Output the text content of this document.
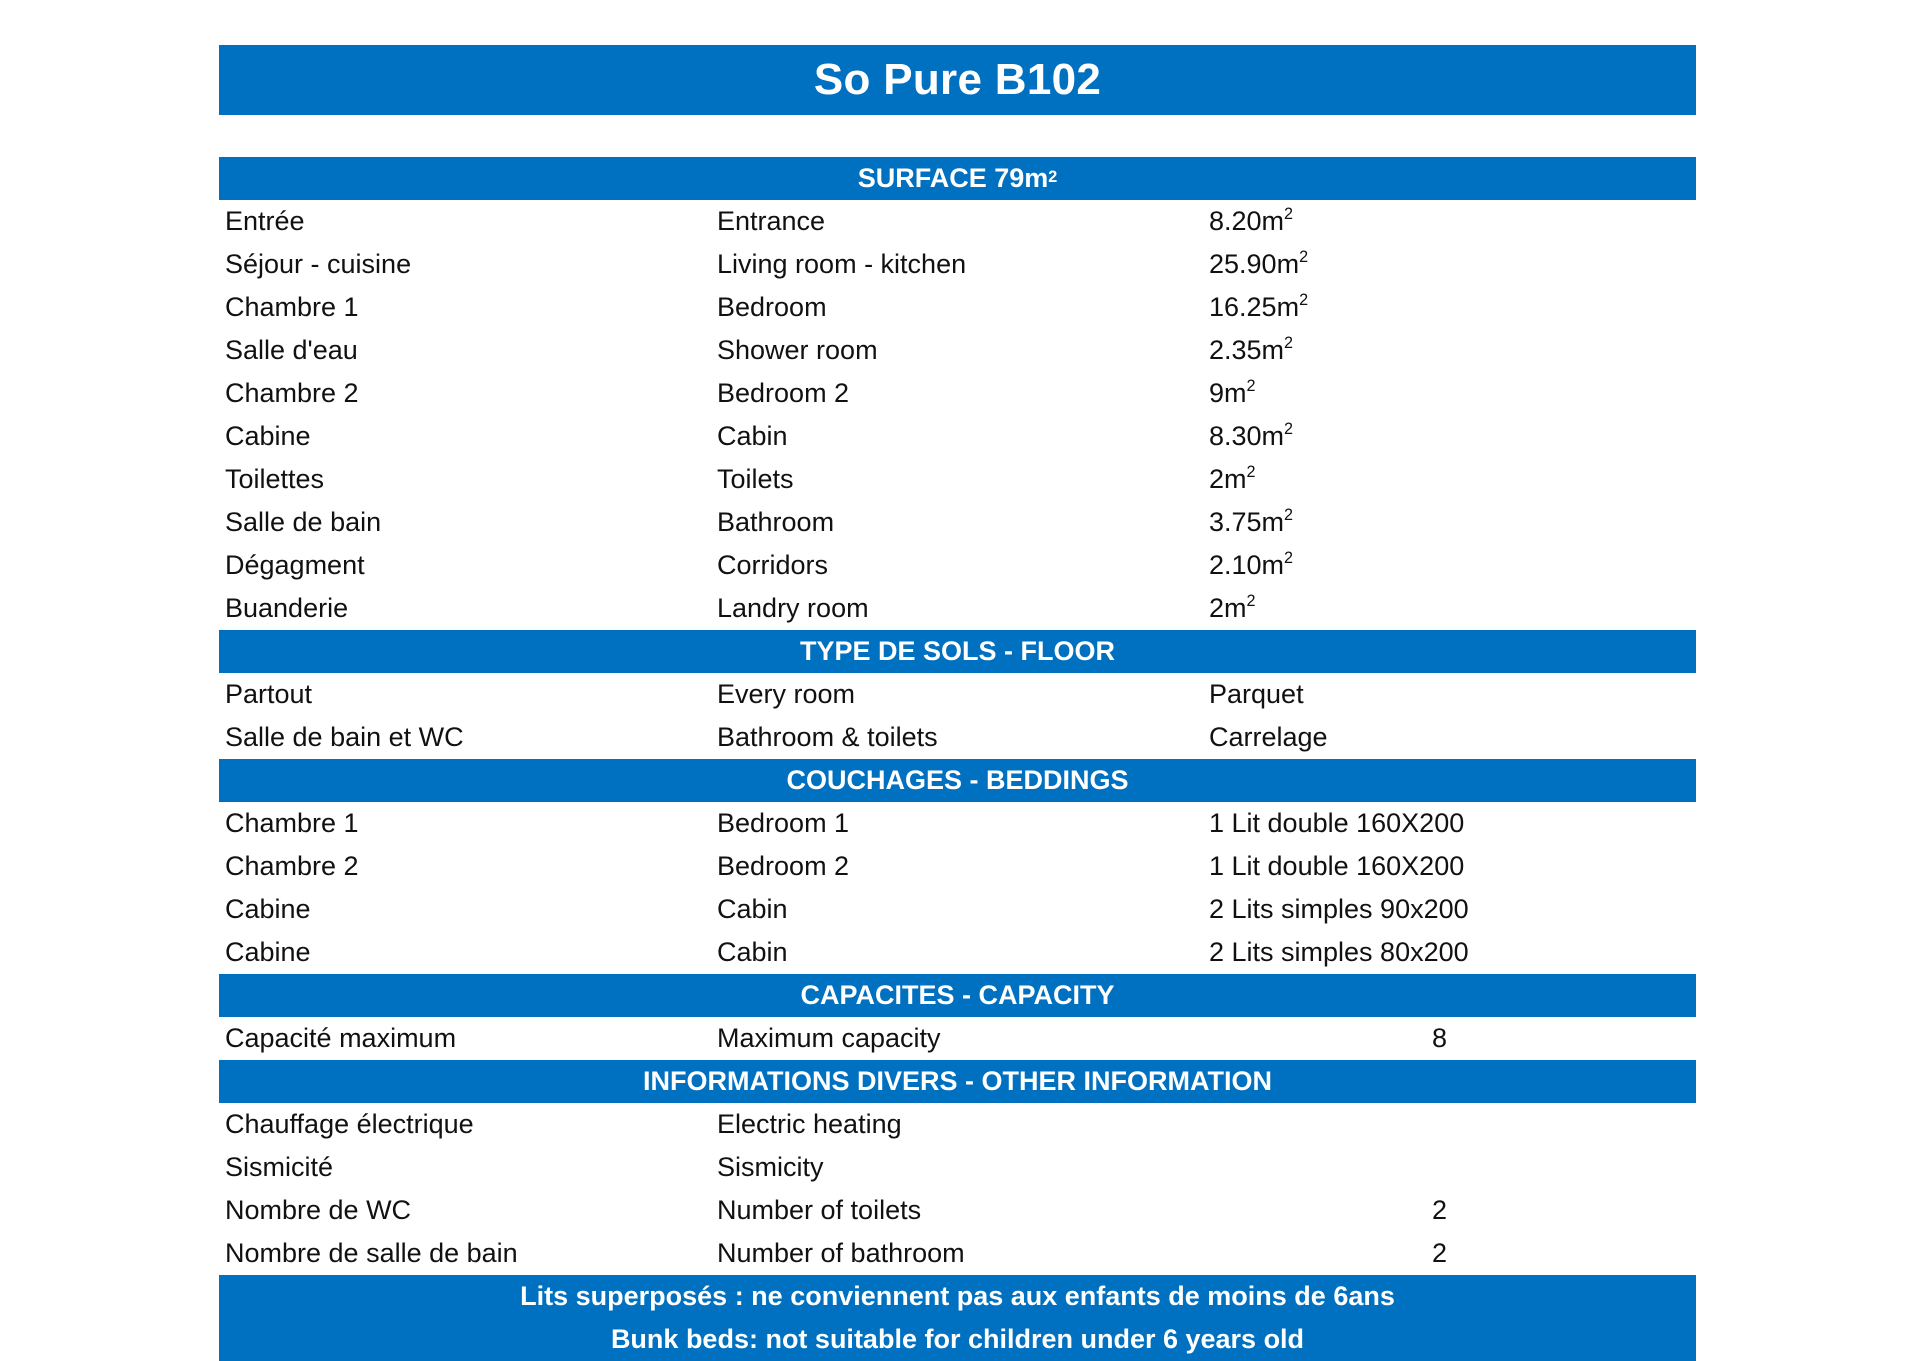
So Pure B102
SURFACE $79m^2$
Entrée	Entrance	$8.20m^2$
Séjour - cuisine	Living room - kitchen	$25.90m^2$
Chambre 1	Bedroom	$16.25m^2$
Salle d'eau	Shower room	$2.35m^2$
Chambre 2	Bedroom 2	$9m^2$
Cabine	Cabin	$8.30m^2$
Toilettes	Toilets	$2m^2$
Salle de bain	Bathroom	$3.75m^2$
Dégagment	Corridors	$2.10m^2$
Buanderie	Landry room	$2m^2$
TYPE DE SOLS - FLOOR
Partout	Every room	Parquet
Salle de bain et WC	Bathroom & toilets	Carrelage
COUCHAGES - BEDDINGS
Chambre 1	Bedroom 1	1 Lit double 160X200
Chambre 2	Bedroom 2	1 Lit double 160X200
Cabine	Cabin	2 Lits simples 90x200
Cabine	Cabin	2 Lits simples 80x200
CAPACITES - CAPACITY
Capacité maximum	Maximum capacity	8
INFORMATIONS DIVERS - OTHER INFORMATION
Chauffage électrique	Electric heating
Sismicité	Sismicity
Nombre de WC	Number of toilets	2
Nombre de salle de bain	Number of bathroom	2
Lits superposés : ne conviennent pas aux enfants de moins de 6ans
Bunk beds: not suitable for children under 6 years old
